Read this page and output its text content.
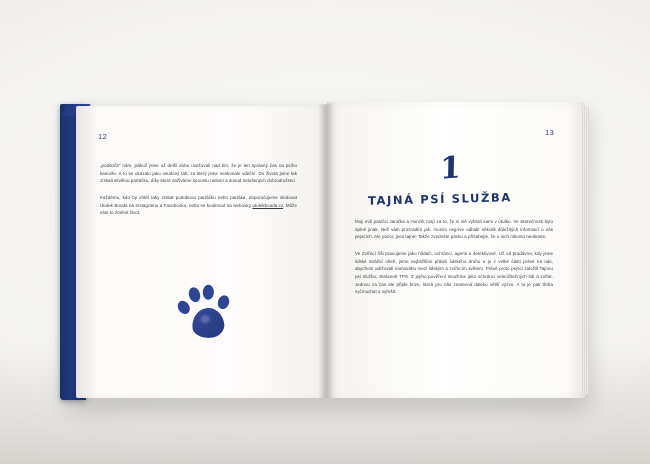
12

„podstrčit" nám, jelikož jsme už delší dobu uvažovali nad tím, že je ten správný čas na psího kamoše. A to se ukázalo jako osudový tah, za který jsme neskonale vděční. Do života jsme tak získali skvělou partáčku, díky které zažíváme spoustu radosti a dosud netušených dobrodružství.

Každému, kdo by chtěl taky získat podobnou partáčku nebo partáka, doporučujeme sledovat Útulek Bouda na Instagramu a Facebooku, nebo se kouknout na webovky utulekbouda.cz. Může vám to změnit život.

13
1
TAJNÁ PSÍ SLUŽBA

Moji milí paničci Janička a Honzík mají za to, že si mě vybrali sami v útulku. Ve skutečnosti bylo úplně jinak. Než vám prozradím jak, musím nejprve odhalit několik důležitých informací o nás pejscích. Ale pozor, jsou tajné! Takže zvedněte packu a přísahejte, že o nich nikomu neuknete.

Ve Zvířecí říši pracujeme jako hlídači, ochránci, agenti a detektivové. Už od pradávna, kdy jsme lidské strážní oheň, jsme nejbližšími přáteli lidského druhu a je z velké části právě na nás, abychom udržovali rovnováhu mezi lidským a zvířecím světem. Právě proto pejsci založili Tajnou psí službu, zkráceně TPS. Z jejího pověření sloužíme jako ochránci veleúžitečných lidí a zvířat. Jednou za čas ale přijde krize, která pro nás znamená daleko větší výzvu. A tu je pak třeba vyčmuchat a vyřešit.
